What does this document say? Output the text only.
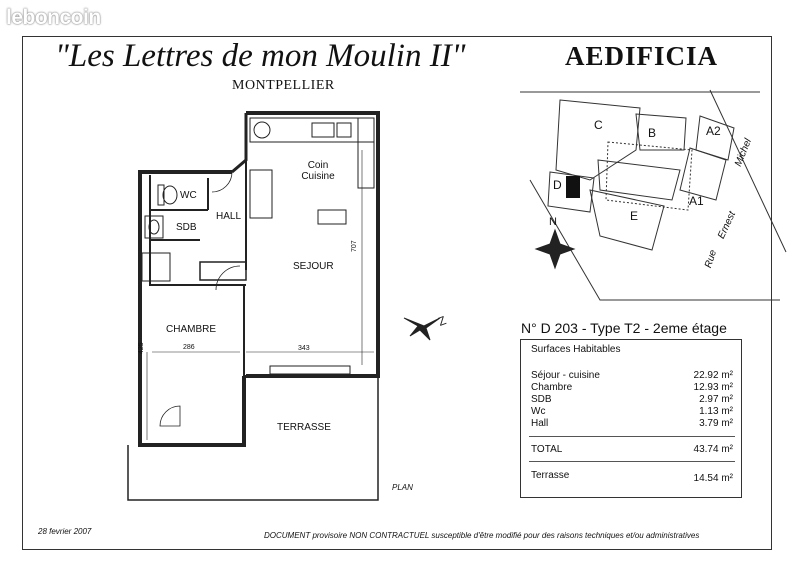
leboncoin
"Les Lettres de mon Moulin II"
MONTPELLIER
AEDIFICIA
Z
Coin
Cuisine
WC
HALL
SDB
SEJOUR
CHAMBRE
TERRASSE
286	343
425
707
PLAN
C
B	A2
A1
D
E
N
Rue
Ernest
Michel
N° D 203 - Type T2 - 2eme étage
Surfaces Habitables
Séjour - cuisine	22.92 m²
Chambre	12.93 m²
SDB	2.97 m²
Wc	1.13 m²
Hall	3.79 m²
TOTAL	43.74 m²
Terrasse	14.54 m²
28 fevrier 2007	DOCUMENT provisoire NON CONTRACTUEL susceptible d'être modifié pour des raisons techniques et/ou administratives
